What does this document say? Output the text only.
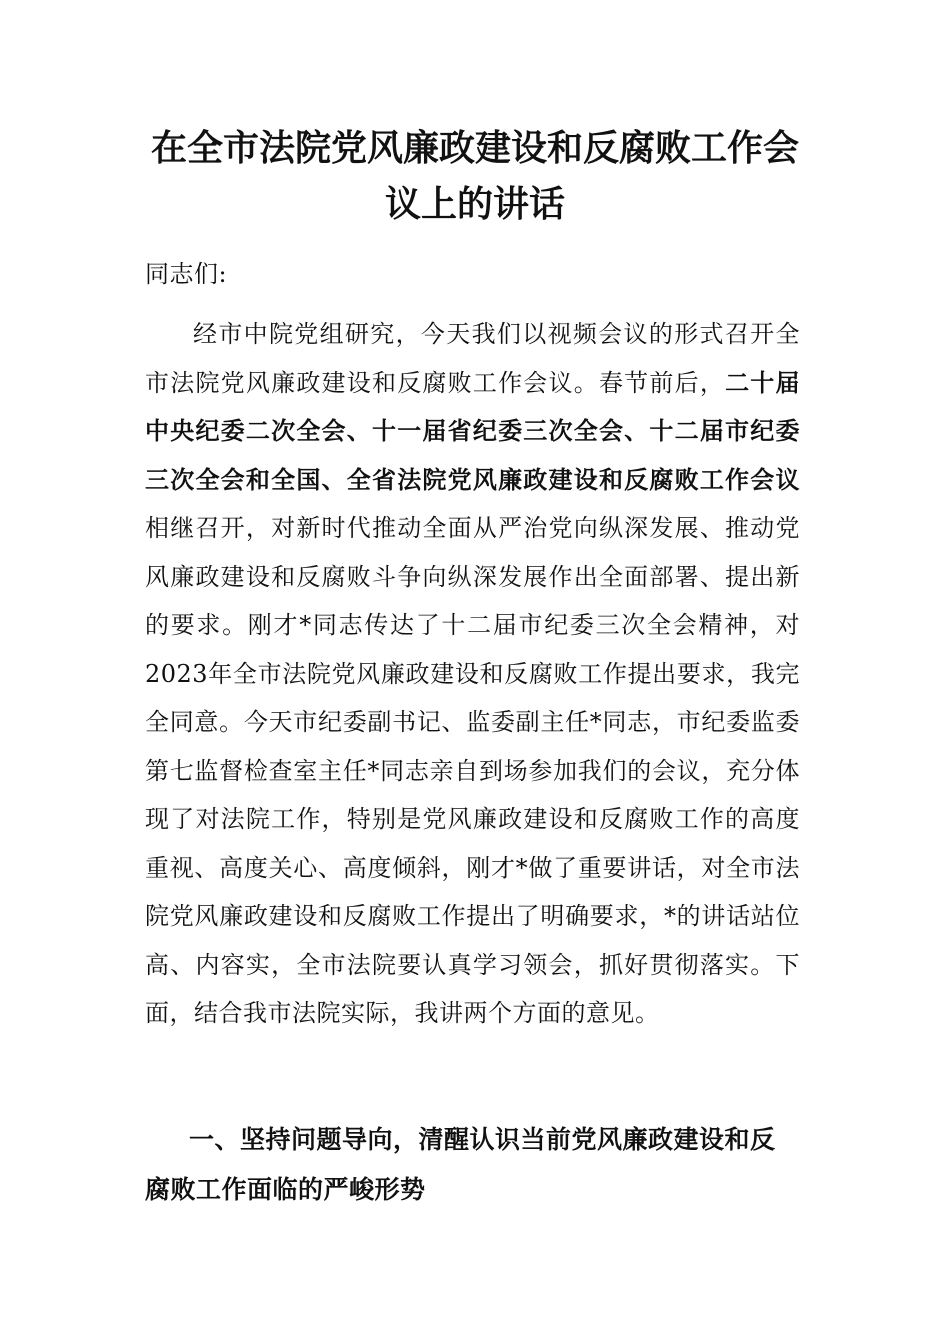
在全市法院党风廉政建设和反腐败工作会议上的讲话

同志们:

经市中院党组研究，今天我们以视频会议的形式召开全市法院党风廉政建设和反腐败工作会议。春节前后，二十届中央纪委二次全会、十一届省纪委三次全会、十二届市纪委三次全会和全国、全省法院党风廉政建设和反腐败工作会议相继召开，对新时代推动全面从严治党向纵深发展、推动党风廉政建设和反腐败斗争向纵深发展作出全面部署、提出新的要求。刚才*同志传达了十二届市纪委三次全会精神，对2023年全市法院党风廉政建设和反腐败工作提出要求，我完全同意。今天市纪委副书记、监委副主任*同志，市纪委监委第七监督检查室主任*同志亲自到场参加我们的会议，充分体现了对法院工作，特别是党风廉政建设和反腐败工作的高度重视、高度关心、高度倾斜，刚才*做了重要讲话，对全市法院党风廉政建设和反腐败工作提出了明确要求，*的讲话站位高、内容实，全市法院要认真学习领会，抓好贯彻落实。下面，结合我市法院实际，我讲两个方面的意见。

一、坚持问题导向，清醒认识当前党风廉政建设和反腐败工作面临的严峻形势
